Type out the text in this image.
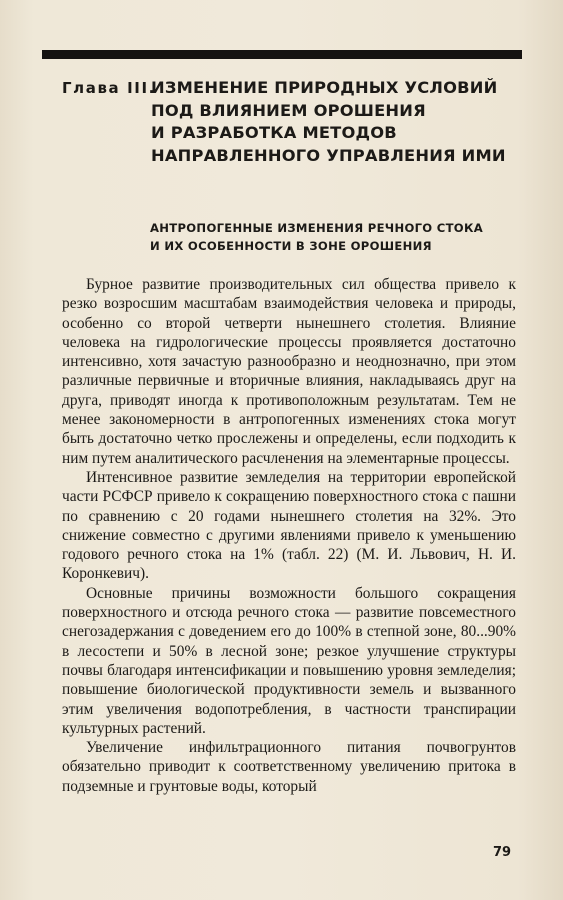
Глава III.
ИЗМЕНЕНИЕ ПРИРОДНЫХ УСЛОВИЙ
ПОД ВЛИЯНИЕМ ОРОШЕНИЯ
И РАЗРАБОТКА МЕТОДОВ
НАПРАВЛЕННОГО УПРАВЛЕНИЯ ИМИ
АНТРОПОГЕННЫЕ ИЗМЕНЕНИЯ РЕЧНОГО СТОКА
И ИХ ОСОБЕННОСТИ В ЗОНЕ ОРОШЕНИЯ

Бурное развитие производительных сил общества привело к резко возросшим масштабам взаимодействия человека и природы, особенно со второй четверти нынешнего столетия. Влияние человека на гидрологические процессы проявляется достаточно интенсивно, хотя зачастую разнообразно и неоднозначно, при этом различные первичные и вторичные влияния, накладываясь друг на друга, приводят иногда к противоположным результатам. Тем не менее закономерности в антропогенных изменениях стока могут быть достаточно четко прослежены и определены, если подходить к ним путем аналитического расчленения на элементарные процессы.

Интенсивное развитие земледелия на территории европейской части РСФСР привело к сокращению поверхностного стока с пашни по сравнению с 20 годами нынешнего столетия на 32%. Это снижение совместно с другими явлениями привело к уменьшению годового речного стока на 1% (табл. 22) (М. И. Львович, Н. И. Коронкевич).

Основные причины возможности большого сокращения поверхностного и отсюда речного стока — развитие повсеместного снегозадержания с доведением его до 100% в степной зоне, 80...90% в лесостепи и 50% в лесной зоне; резкое улучшение структуры почвы благодаря интенсификации и повышению уровня земледелия; повышение биологической продуктивности земель и вызванного этим увеличения водопотребления, в частности транспирации культурных растений.

Увеличение инфильтрационного питания почвогрунтов обязательно приводит к соответственному увеличению притока в подземные и грунтовые воды, который

79
